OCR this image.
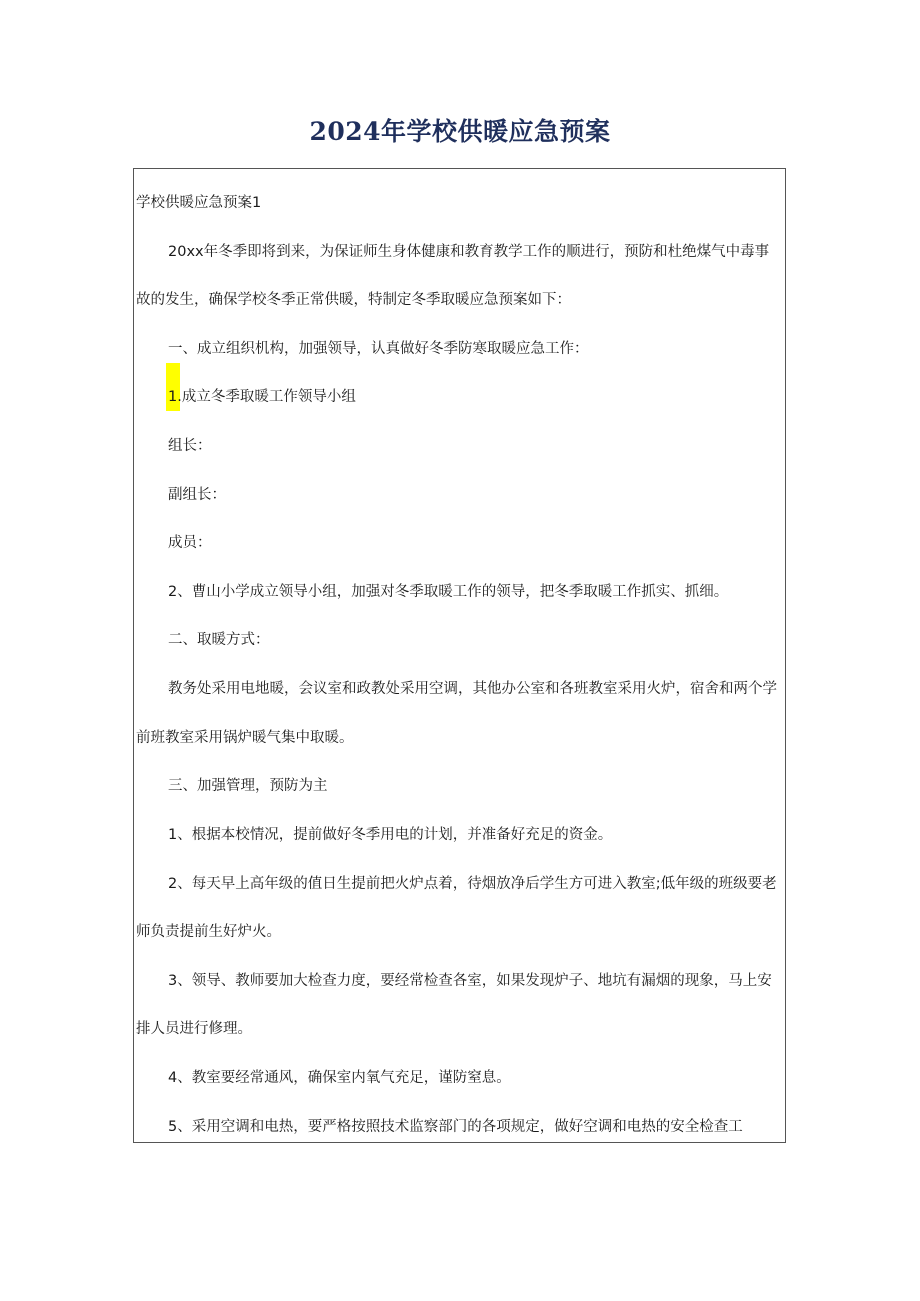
2024年学校供暖应急预案
学校供暖应急预案1
20xx年冬季即将到来，为保证师生身体健康和教育教学工作的顺进行，预防和杜绝煤气中毒事
故的发生，确保学校冬季正常供暖，特制定冬季取暖应急预案如下：
一、成立组织机构，加强领导，认真做好冬季防寒取暖应急工作：
1.成立冬季取暖工作领导小组
组长：
副组长：
成员：
2、曹山小学成立领导小组，加强对冬季取暖工作的领导，把冬季取暖工作抓实、抓细。
二、取暖方式：
教务处采用电地暖，会议室和政教处采用空调，其他办公室和各班教室采用火炉，宿舍和两个学
前班教室采用锅炉暖气集中取暖。
三、加强管理，预防为主
1、根据本校情况，提前做好冬季用电的计划，并准备好充足的资金。
2、每天早上高年级的值日生提前把火炉点着，待烟放净后学生方可进入教室;低年级的班级要老
师负责提前生好炉火。
3、领导、教师要加大检查力度，要经常检查各室，如果发现炉子、地坑有漏烟的现象，马上安
排人员进行修理。
4、教室要经常通风，确保室内氧气充足，谨防窒息。
5、采用空调和电热，要严格按照技术监察部门的各项规定，做好空调和电热的安全检查工
